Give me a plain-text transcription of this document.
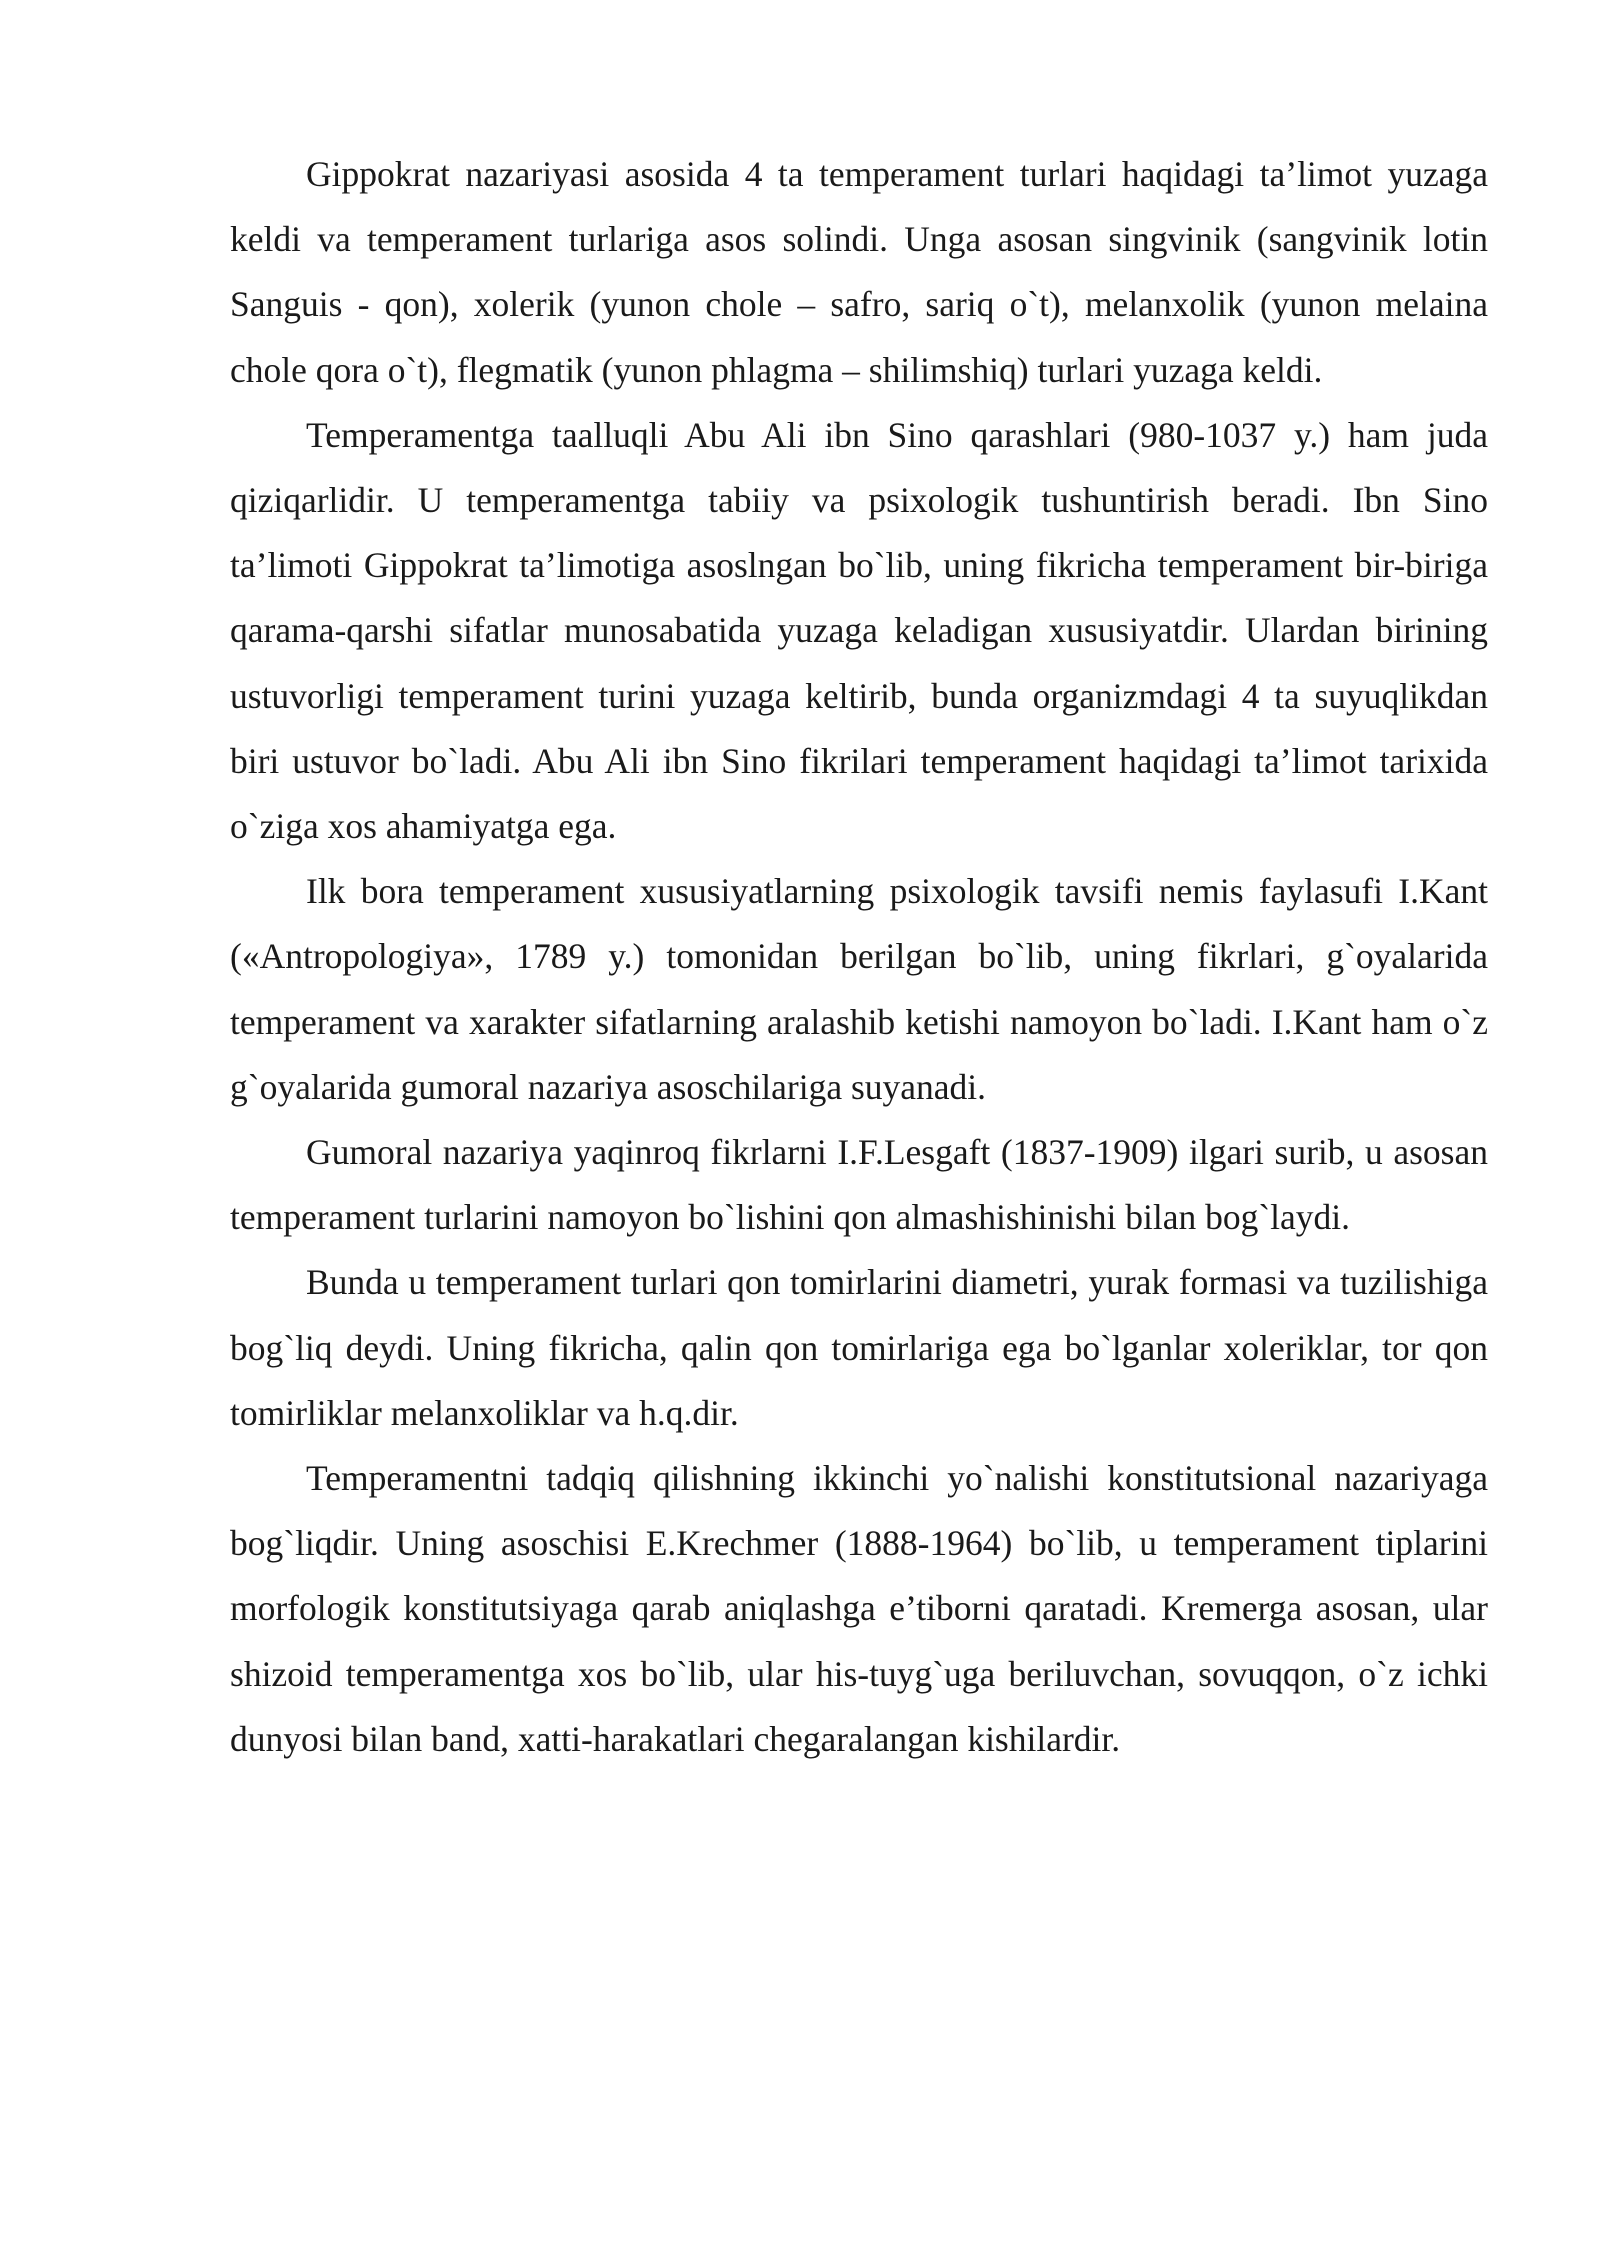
Gippokrat nazariyasi asosida 4 ta temperament turlari haqidagi ta’limot yuzaga keldi va temperament turlariga asos solindi. Unga asosan singvinik (sangvinik lotin Sanguis - qon), xolerik (yunon chole – safro, sariq o`t), melanxolik (yunon melaina chole qora o`t), flegmatik (yunon phlagma – shilimshiq) turlari yuzaga keldi.

Temperamentga taalluqli Abu Ali ibn Sino qarashlari (980-1037 y.) ham juda qiziqarlidir. U temperamentga tabiiy va psixologik tushuntirish beradi. Ibn Sino ta’limoti Gippokrat ta’limotiga asoslngan bo`lib, uning fikricha temperament bir-biriga qarama-qarshi sifatlar munosabatida yuzaga keladigan xususiyatdir. Ulardan birining ustuvorligi temperament turini yuzaga keltirib, bunda organizmdagi 4 ta suyuqlikdan biri ustuvor bo`ladi. Abu Ali ibn Sino fikrilari temperament haqidagi ta’limot tarixida o`ziga xos ahamiyatga ega.

Ilk bora temperament xususiyatlarning psixologik tavsifi nemis faylasufi I.Kant («Antropologiya», 1789 y.) tomonidan berilgan bo`lib, uning fikrlari, g`oyalarida temperament va xarakter sifatlarning aralashib ketishi namoyon bo`ladi. I.Kant ham o`z g`oyalarida gumoral nazariya asoschilariga suyanadi.

Gumoral nazariya yaqinroq fikrlarni I.F.Lesgaft (1837-1909) ilgari surib, u asosan temperament turlarini namoyon bo`lishini qon almashishinishi bilan bog`laydi.

Bunda u temperament turlari qon tomirlarini diametri, yurak formasi va tuzilishiga bog`liq deydi. Uning fikricha, qalin qon tomirlariga ega bo`lganlar xoleriklar, tor qon tomirliklar melanxoliklar va h.q.dir.

Temperamentni tadqiq qilishning ikkinchi yo`nalishi konstitutsional nazariyaga bog`liqdir. Uning asoschisi E.Krechmer (1888-1964) bo`lib, u temperament tiplarini morfologik konstitutsiyaga qarab aniqlashga e’tiborni qaratadi. Kremerga asosan, ular shizoid temperamentga xos bo`lib, ular his-tuyg`uga beriluvchan, sovuqqon, o`z ichki dunyosi bilan band, xatti-harakatlari chegaralangan kishilardir.
